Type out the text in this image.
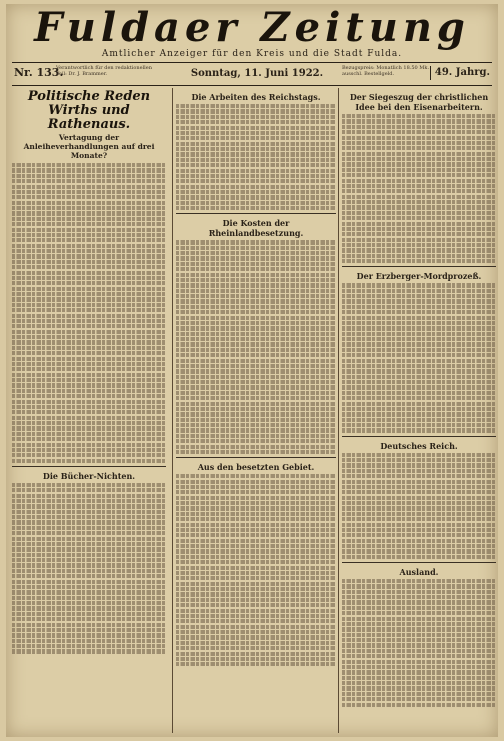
Fuldaer Zeitung
Amtlicher Anzeiger für den Kreis und die Stadt Fulda.
Nr. 133.
Verantwortlich für den redaktionellen Teil: Dr. J. Brammer.	Sonntag, 11. Juni 1922.	Bezugspreis: Monatlich 18.50 Mk. ausschl. Bestellgeld.	49. Jahrg.
Politische Reden Wirths und Rathenaus.
Vertagung der Anleiheverhandlungen auf drei Monate?
Die Bücher-Nichten.
Die Arbeiten des Reichstags.
Die Kosten der Rheinlandbesetzung.
Aus den besetzten Gebiet.
Der Siegeszug der christlichen Idee bei den Eisenarbeitern.
Der Erzberger-Mordprozeß.
Deutsches Reich.
Ausland.
